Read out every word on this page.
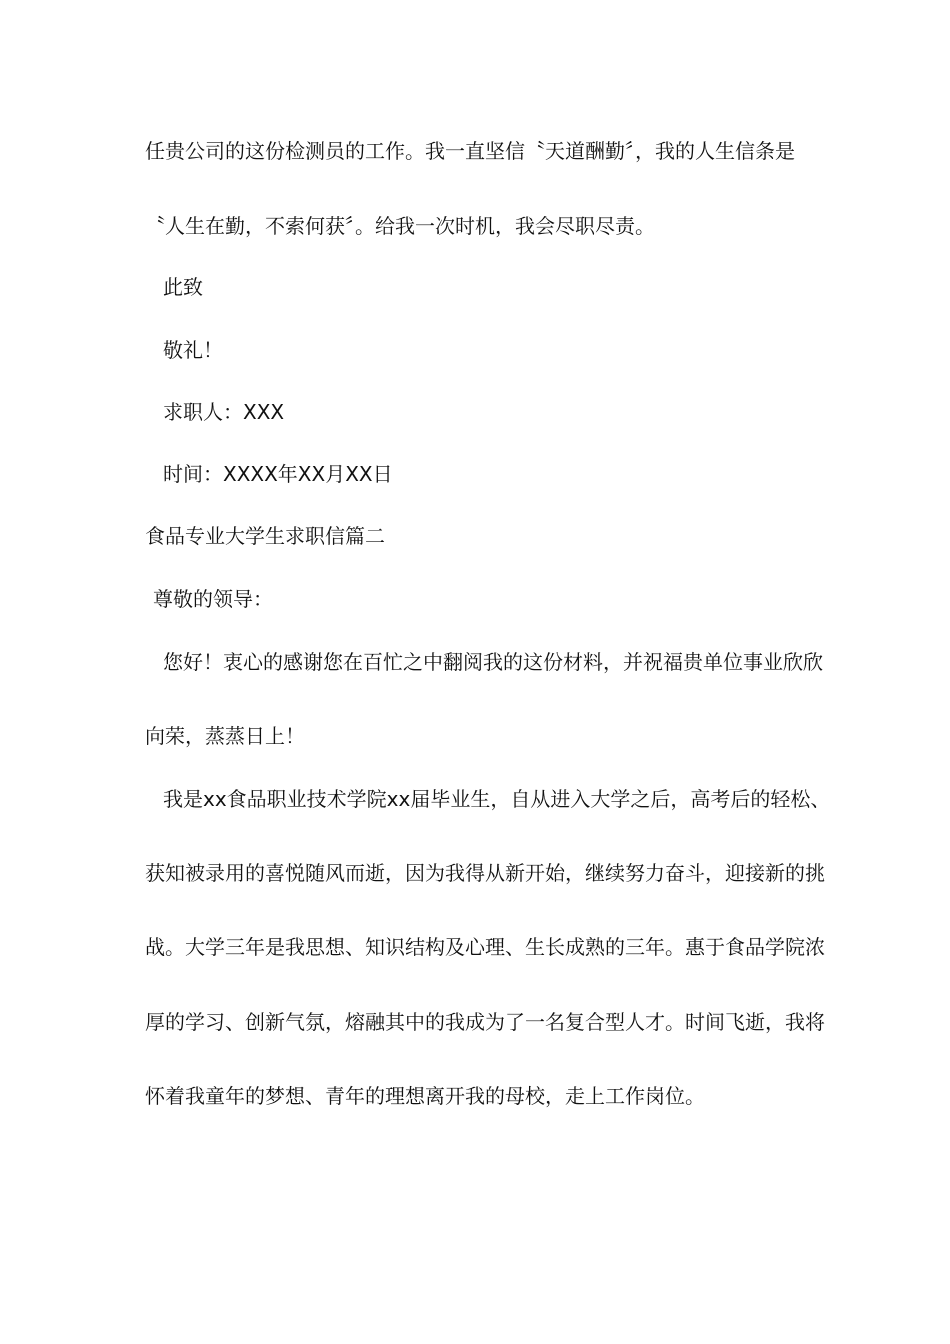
任贵公司的这份检测员的工作。我一直坚信〝天道酬勤〞，我的人生信条是
〝人生在勤，不索何获〞。给我一次时机，我会尽职尽责。
此致
敬礼！
求职人：XXX
时间：XXXX年XX月XX日
食品专业大学生求职信篇二
尊敬的领导：
您好！衷心的感谢您在百忙之中翻阅我的这份材料，并祝福贵单位事业欣欣
向荣，蒸蒸日上！
我是xx食品职业技术学院xx届毕业生，自从进入大学之后，高考后的轻松、
获知被录用的喜悦随风而逝，因为我得从新开始，继续努力奋斗，迎接新的挑
战。大学三年是我思想、知识结构及心理、生长成熟的三年。惠于食品学院浓
厚的学习、创新气氛，熔融其中的我成为了一名复合型人才。时间飞逝，我将
怀着我童年的梦想、青年的理想离开我的母校，走上工作岗位。
